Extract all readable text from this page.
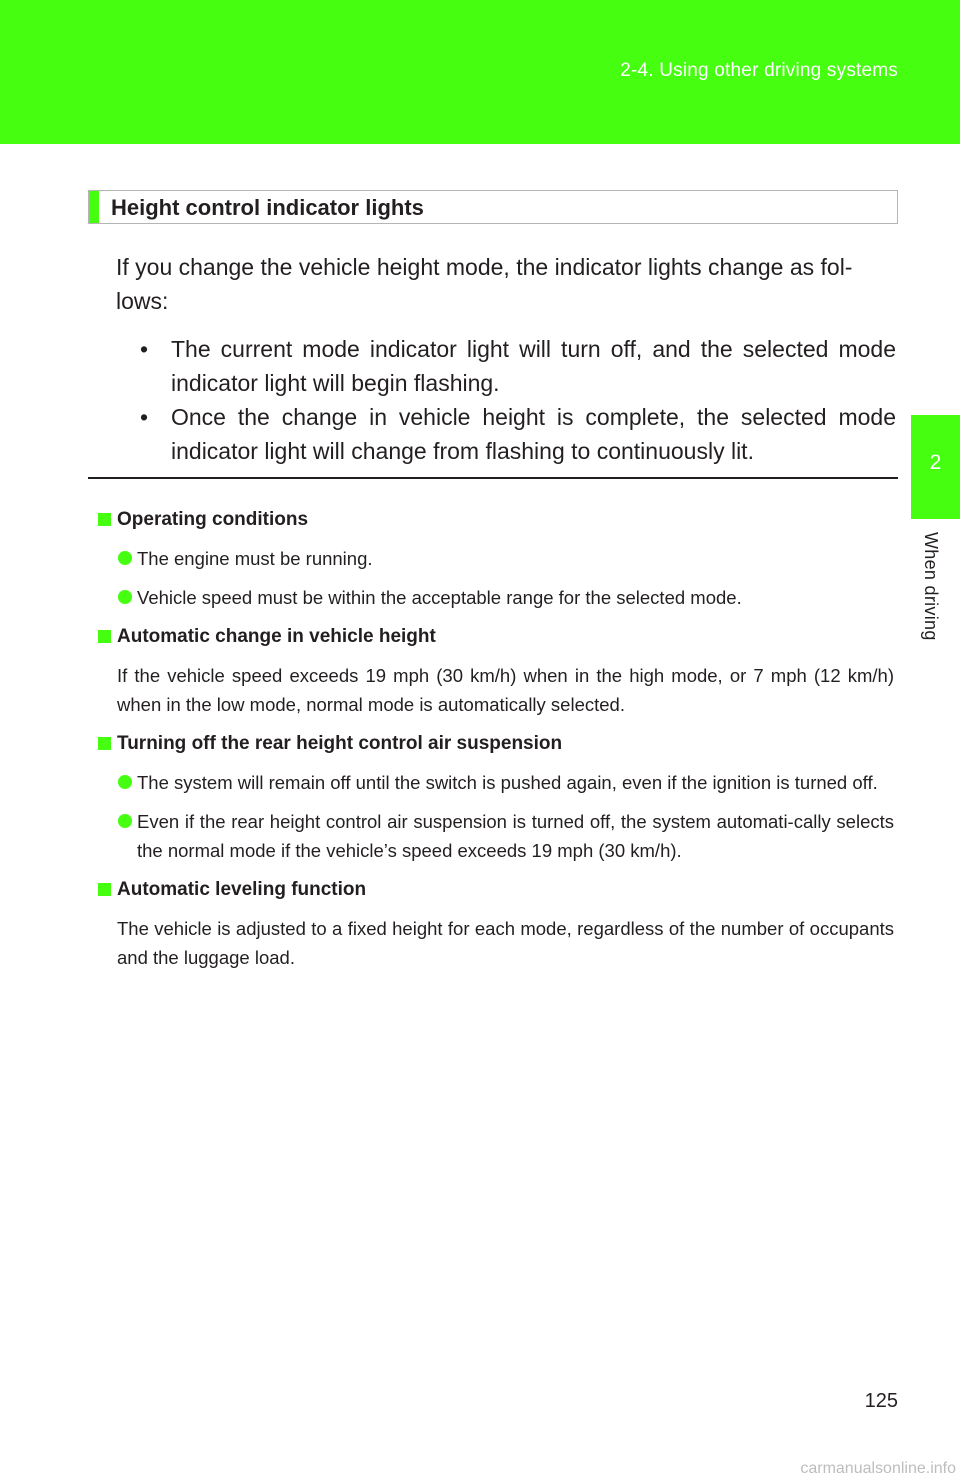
2-4. Using other driving systems
2
When driving
Height control indicator lights

If you change the vehicle height mode, the indicator lights change as fol-lows:

• The current mode indicator light will turn off, and the selected mode indicator light will begin flashing.
• Once the change in vehicle height is complete, the selected mode indicator light will change from flashing to continuously lit.
Operating conditions
The engine must be running.
Vehicle speed must be within the acceptable range for the selected mode.
Automatic change in vehicle height
If the vehicle speed exceeds 19 mph (30 km/h) when in the high mode, or 7 mph (12 km/h) when in the low mode, normal mode is automatically selected.
Turning off the rear height control air suspension
The system will remain off until the switch is pushed again, even if the ignition is turned off.
Even if the rear height control air suspension is turned off, the system automati-cally selects the normal mode if the vehicle’s speed exceeds 19 mph (30 km/h).
Automatic leveling function
The vehicle is adjusted to a fixed height for each mode, regardless of the number of occupants and the luggage load.
125
carmanualsonline.info
